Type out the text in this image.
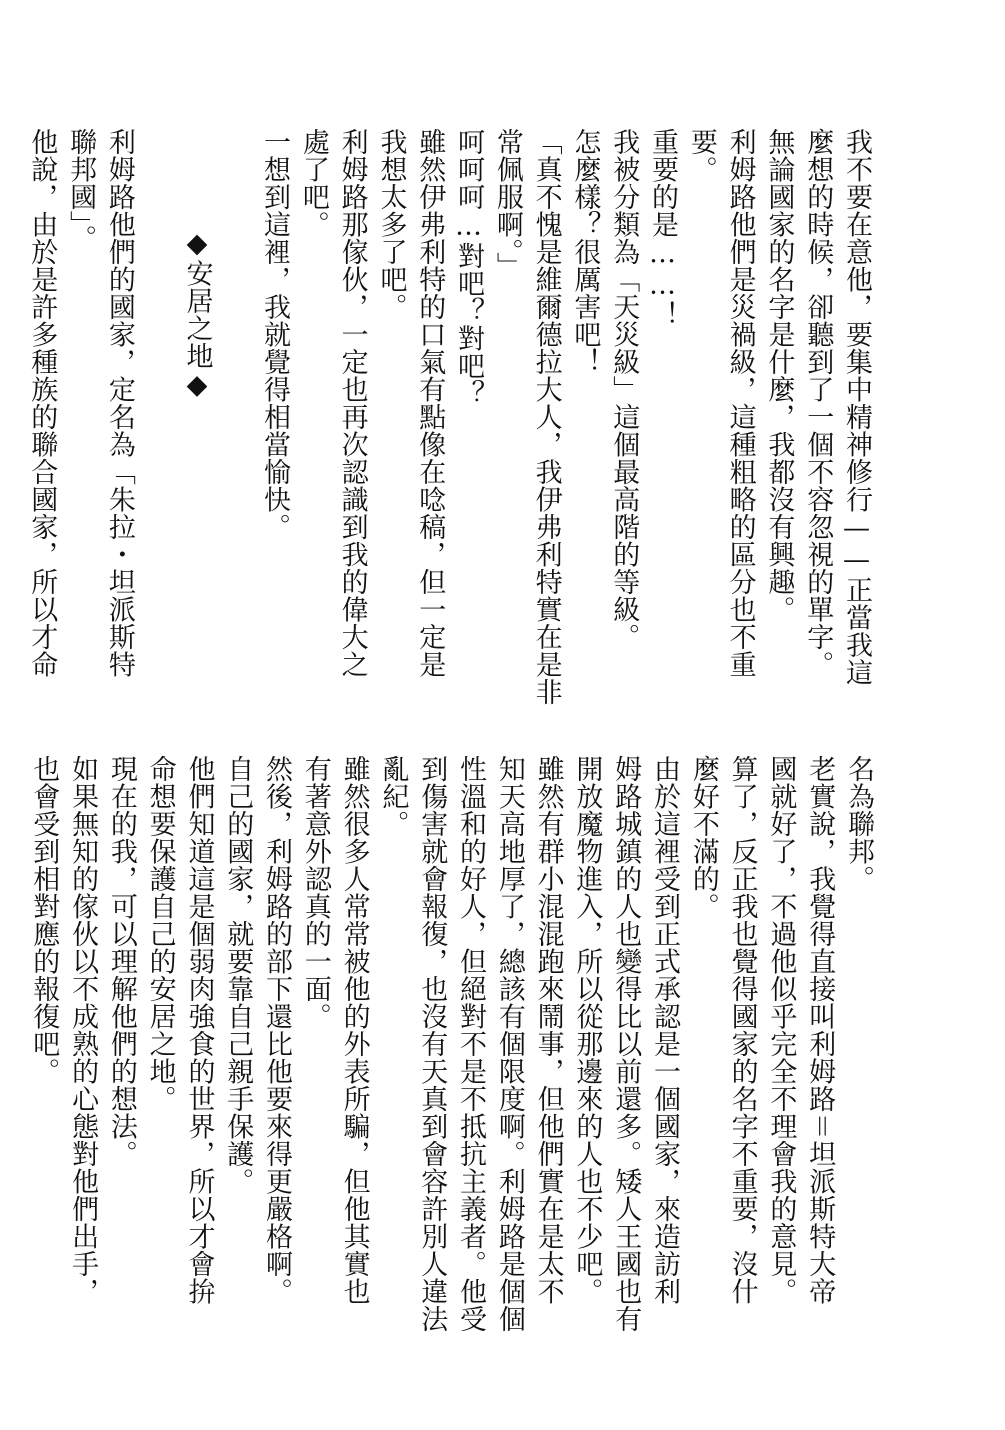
我不要在意他，要集中精神修行——正當我這

麼想的時候，卻聽到了一個不容忽視的單字。

無論國家的名字是什麼，我都沒有興趣。

利姆路他們是災禍級，這種粗略的區分也不重

要。

重要的是……！

我被分類為「天災級」這個最高階的等級。

怎麼樣？很厲害吧！

「真不愧是維爾德拉大人，我伊弗利特實在是非

常佩服啊。」

呵呵呵…對吧？對吧？

雖然伊弗利特的口氣有點像在唸稿，但一定是

我想太多了吧。

利姆路那傢伙，一定也再次認識到我的偉大之

處了吧。

一想到這裡，我就覺得相當愉快。

◆安居之地◆

利姆路他們的國家，定名為「朱拉・坦派斯特

聯邦國」。

他說，由於是許多種族的聯合國家，所以才命

名為聯邦。

老實說，我覺得直接叫利姆路＝坦派斯特大帝

國就好了，不過他似乎完全不理會我的意見。

算了，反正我也覺得國家的名字不重要，沒什

麼好不滿的。

由於這裡受到正式承認是一個國家，來造訪利

姆路城鎮的人也變得比以前還多。矮人王國也有

開放魔物進入，所以從那邊來的人也不少吧。

雖然有群小混混跑來鬧事，但他們實在是太不

知天高地厚了，總該有個限度啊。利姆路是個個

性溫和的好人，但絕對不是不抵抗主義者。他受

到傷害就會報復，也沒有天真到會容許別人違法

亂紀。

雖然很多人常常被他的外表所騙，但他其實也

有著意外認真的一面。

然後，利姆路的部下還比他要來得更嚴格啊。

自己的國家，就要靠自己親手保護。

他們知道這是個弱肉強食的世界，所以才會拚

命想要保護自己的安居之地。

現在的我，可以理解他們的想法。

如果無知的傢伙以不成熟的心態對他們出手，

也會受到相對應的報復吧。
